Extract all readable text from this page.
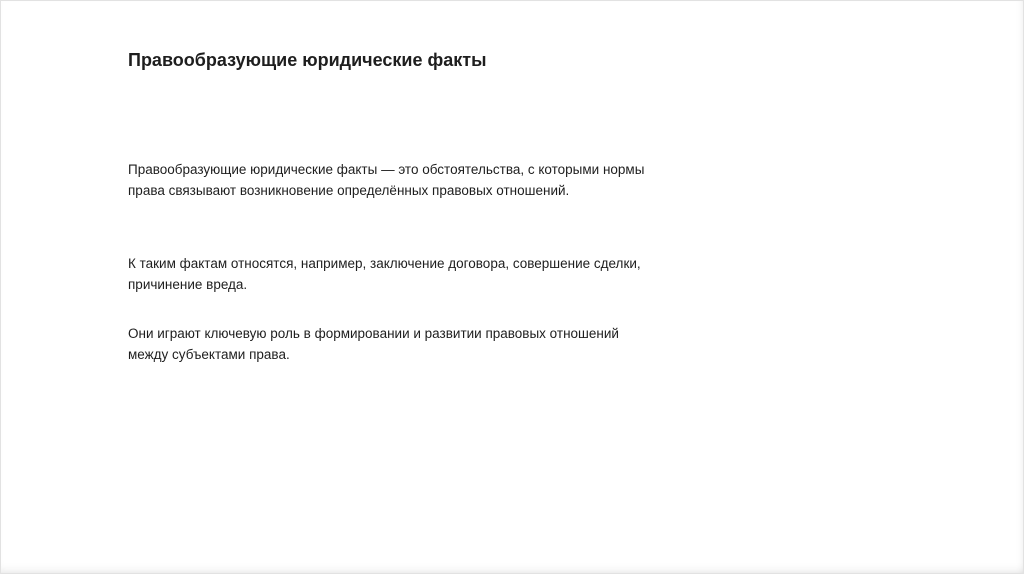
Правообразующие юридические факты

Правообразующие юридические факты — это обстоятельства, с которыми нормы
права связывают возникновение определённых правовых отношений.

К таким фактам относятся, например, заключение договора, совершение сделки,
причинение вреда.

Они играют ключевую роль в формировании и развитии правовых отношений
между субъектами права.
